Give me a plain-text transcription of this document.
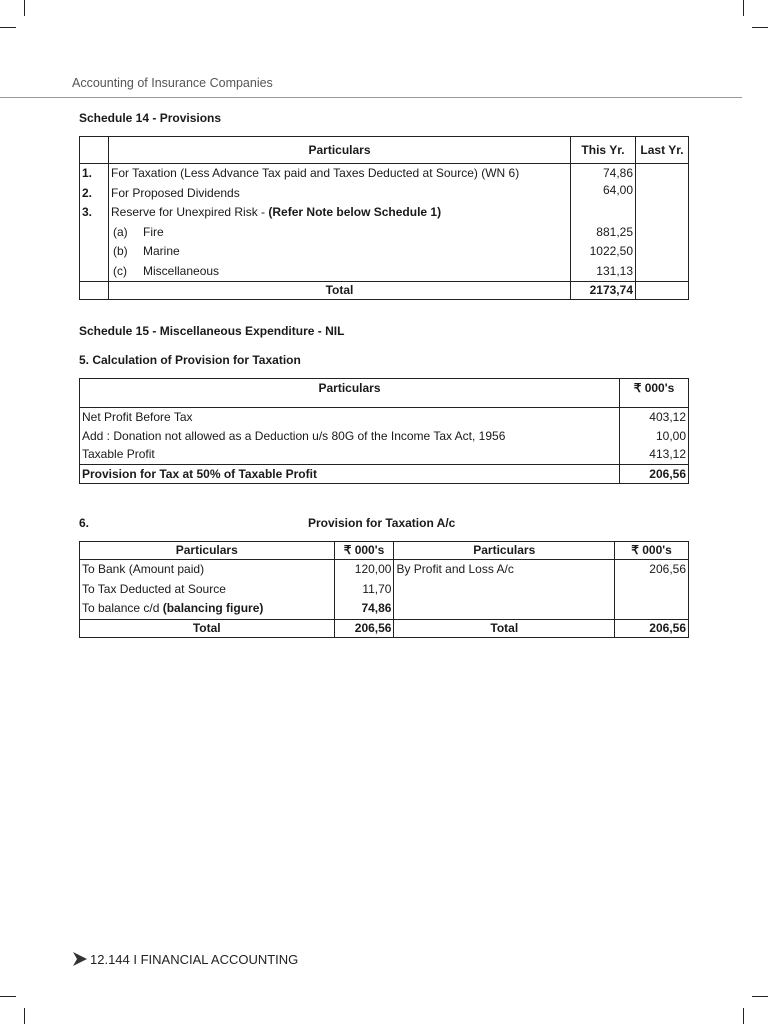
Accounting of Insurance Companies
Schedule 14 - Provisions
	Particulars	This Yr.	Last Yr.
1.	For Taxation (Less Advance Tax paid and Taxes Deducted at Source) (WN 6)	74,86	
2.	For Proposed Dividends	64,00	
3.	Reserve for Unexpired Risk - (Refer Note below Schedule 1)		
	(a) Fire	881,25	
	(b) Marine	1022,50	
	(c) Miscellaneous	131,13	
	Total	2173,74	
Schedule 15 - Miscellaneous Expenditure - NIL
5. Calculation of Provision for Taxation
Particulars	₹ 000's
Net Profit Before Tax	403,12
Add : Donation not allowed as a Deduction u/s 80G of the Income Tax Act, 1956	10,00
Taxable Profit	413,12
Provision for Tax at 50% of Taxable Profit	206,56
6.	Provision for Taxation A/c
Particulars	₹ 000's	Particulars	₹ 000's
To Bank (Amount paid)	120,00	By Profit and Loss A/c	206,56
To Tax Deducted at Source	11,70		
To balance c/d (balancing figure)	74,86		
Total	206,56	Total	206,56
12.144 I FINANCIAL ACCOUNTING
